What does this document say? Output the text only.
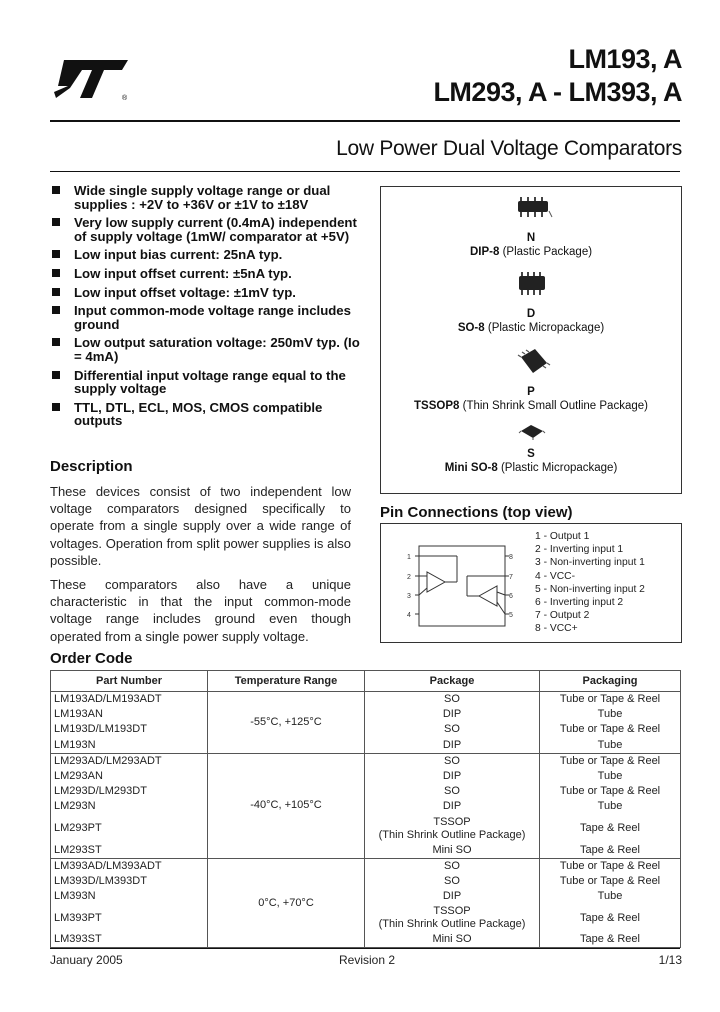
®
LM193, A
LM293, A - LM393, A
Low Power Dual Voltage Comparators
Wide single supply voltage range or dual supplies : +2V to +36V or ±1V to ±18V
Very low supply current (0.4mA) independent of supply voltage (1mW/ comparator at +5V)
Low input bias current: 25nA typ.
Low input offset current: ±5nA typ.
Low input offset voltage: ±1mV typ.
Input common-mode voltage range includes ground
Low output saturation voltage: 250mV typ. (Io = 4mA)
Differential input voltage range equal to the supply voltage
TTL, DTL, ECL, MOS, CMOS compatible outputs
N
DIP-8 (Plastic Package)
D
SO-8 (Plastic Micropackage)
P
TSSOP8 (Thin Shrink Small Outline Package)
S
Mini SO-8 (Plastic Micropackage)
Description

These devices consist of two independent low voltage comparators designed specifically to operate from a single supply over a wide range of voltages. Operation from split power supplies is also possible.

These comparators also have a unique characteristic in that the input common-mode voltage range includes ground even though operated from a single power supply voltage.

Pin Connections (top view)
1
2
3
4
8
7
6
5
1 - Output 1
2 - Inverting input 1
3 - Non-inverting input 1
4 - VCC-
5 - Non-inverting input 2
6 - Inverting input 2
7 - Output 2
8 - VCC+
Order Code
Part Number	Temperature Range	Package	Packaging
LM193AD/LM193ADT	-55°C, +125°C	SO	Tube or Tape & Reel
LM193AN		DIP	Tube
LM193D/LM193DT		SO	Tube or Tape & Reel
LM193N		DIP	Tube
LM293AD/LM293ADT	-40°C, +105°C	SO	Tube or Tape & Reel
LM293AN		DIP	Tube
LM293D/LM293DT		SO	Tube or Tape & Reel
LM293N		DIP	Tube
LM293PT		TSSOP
(Thin Shrink Outline Package)	Tape & Reel
LM293ST		Mini SO	Tape & Reel
LM393AD/LM393ADT	0°C, +70°C	SO	Tube or Tape & Reel
LM393D/LM393DT		SO	Tube or Tape & Reel
LM393N		DIP	Tube
LM393PT		TSSOP
(Thin Shrink Outline Package)	Tape & Reel
LM393ST		Mini SO	Tape & Reel
January 2005	Revision 2	1/13
